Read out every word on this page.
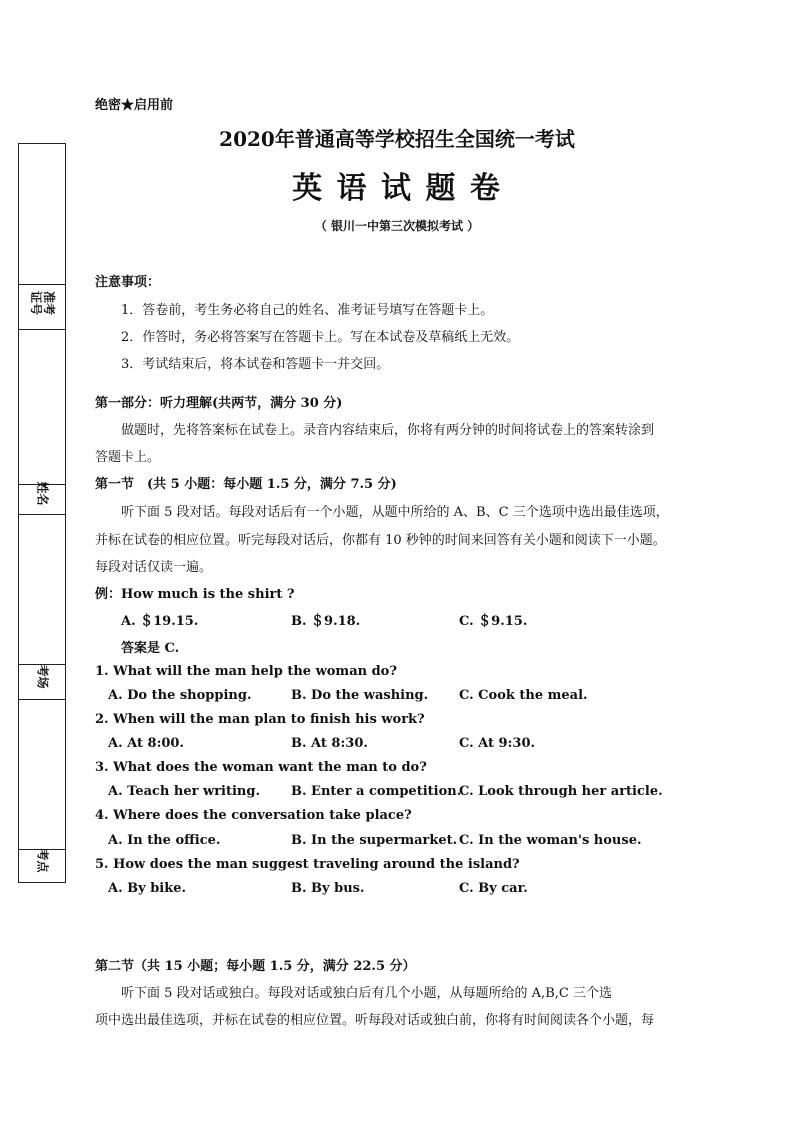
准考证号
姓名
考场
考点
绝密★启用前
2020年普通高等学校招生全国统一考试
英 语 试 题 卷
（ 银川一中第三次模拟考试 ）
注意事项：
1．答卷前，考生务必将自己的姓名、准考证号填写在答题卡上。
2．作答时，务必将答案写在答题卡上。写在本试卷及草稿纸上无效。
3．考试结束后，将本试卷和答题卡一并交回。
第一部分：听力理解(共两节，满分 30 分)
做题时，先将答案标在试卷上。录音内容结束后，你将有两分钟的时间将试卷上的答案转涂到
答题卡上。
第一节　(共 5 小题：每小题 1.5 分，满分 7.5 分)
听下面 5 段对话。每段对话后有一个小题，从题中所给的 A、B、C 三个选项中选出最佳选项，
并标在试卷的相应位置。听完每段对话后，你都有 10 秒钟的时间来回答有关小题和阅读下一小题。
每段对话仅读一遍。
例：How much is the shirt ?
A. ＄19.15.	B. ＄9.18.	C. ＄9.15.
答案是 C.
1. What will the man help the woman do?
A. Do the shopping.	B. Do the washing. C. Cook the meal.
2. When will the man plan to finish his work?
A. At 8:00.	B. At 8:30.	C. At 9:30.
3. What does the woman want the man to do?
A. Teach her writing. B. Enter a competition.
C. Look through her article.
4. Where does the conversation take place?
A. In the office.	B. In the supermarket. C. In the woman's house.
5. How does the man suggest traveling around the island?
A. By bike.	B. By bus.	C. By car.
第二节（共 15 小题；每小题 1.5 分，满分 22.5 分）
听下面 5 段对话或独白。每段对话或独白后有几个小题，从每题所给的 A,B,C 三个选
项中选出最佳选项，并标在试卷的相应位置。听每段对话或独白前，你将有时间阅读各个小题，每
